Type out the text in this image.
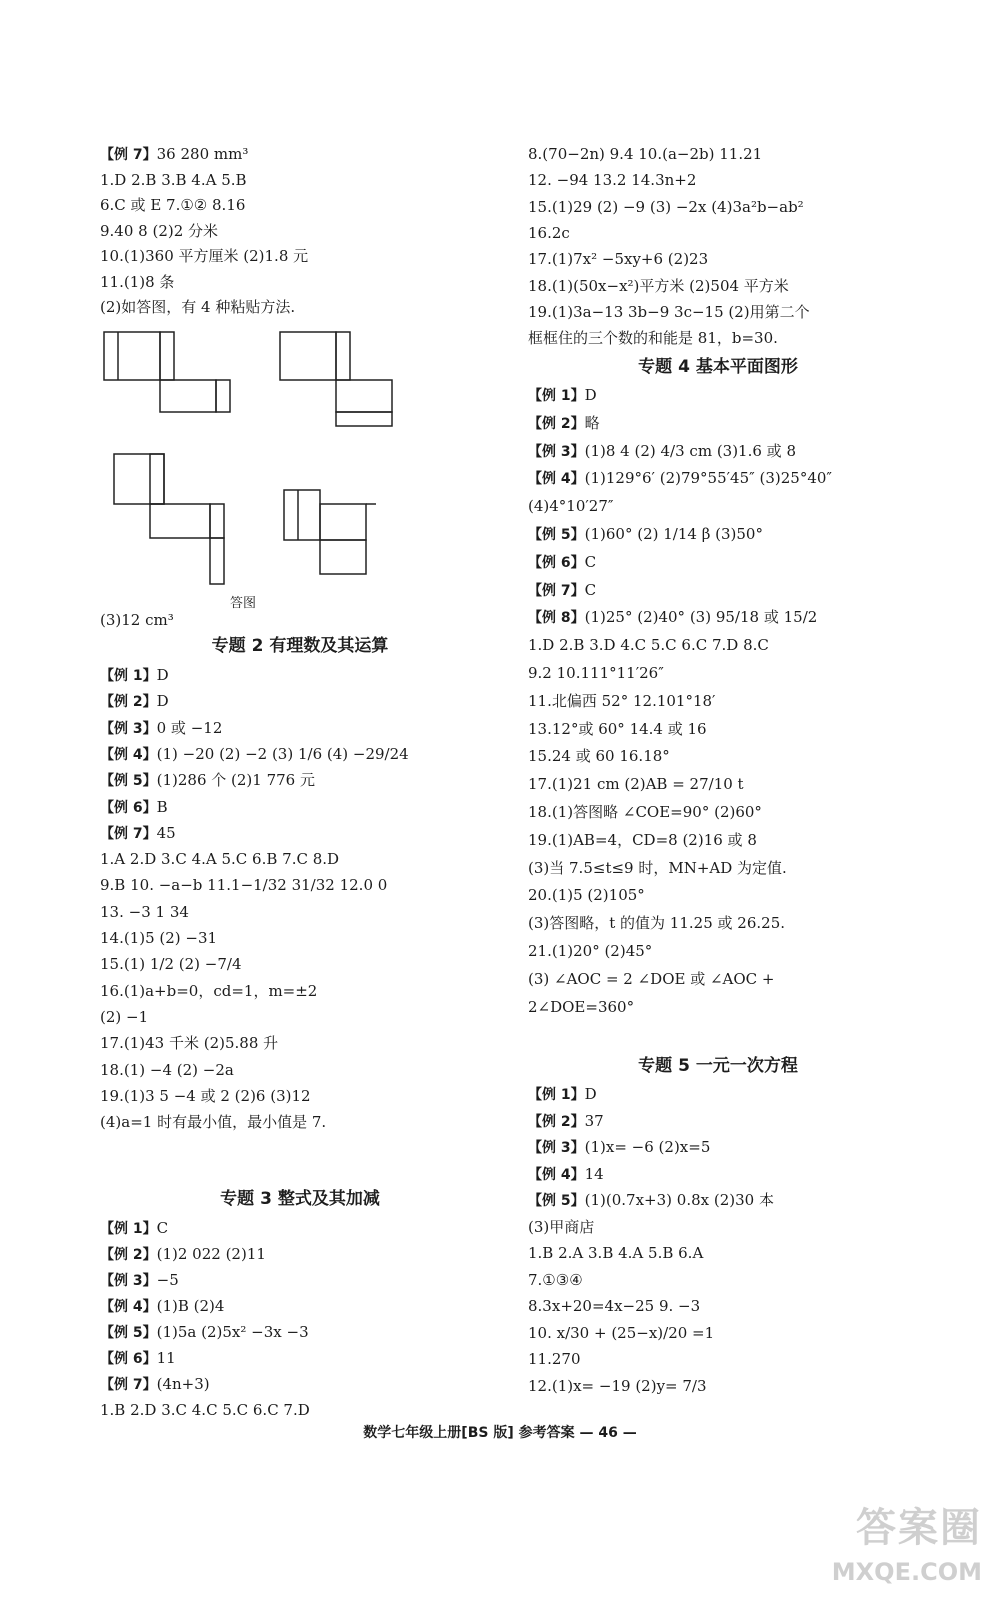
答图
【例 7】36 280 mm³
1.D 2.B 3.B 4.A 5.B
6.C 或 E 7.①② 8.16
9.40 8 (2)2 分米
10.(1)360 平方厘米 (2)1.8 元
11.(1)8 条
(2)如答图，有 4 种粘贴方法.
(3)12 cm³
专题 2 有理数及其运算
【例 1】D
【例 2】D
【例 3】0 或 −12
【例 4】(1) −20 (2) −2 (3) 1/6 (4) −29/24
【例 5】(1)286 个 (2)1 776 元
【例 6】B
【例 7】45
1.A 2.D 3.C 4.A 5.C 6.B 7.C 8.D
9.B 10. −a−b 11.1−1/32 31/32 12.0 0
13. −3 1 34
14.(1)5 (2) −31
15.(1) 1/2 (2) −7/4
16.(1)a+b=0，cd=1，m=±2
(2) −1
17.(1)43 千米 (2)5.88 升
18.(1) −4 (2) −2a
19.(1)3 5 −4 或 2 (2)6 (3)12
(4)a=1 时有最小值，最小值是 7.
专题 3 整式及其加减
【例 1】C
【例 2】(1)2 022 (2)11
【例 3】−5
【例 4】(1)B (2)4
【例 5】(1)5a (2)5x² −3x −3
【例 6】11
【例 7】(4n+3)
1.B 2.D 3.C 4.C 5.C 6.C 7.D
8.(70−2n) 9.4 10.(a−2b) 11.21
12. −94 13.2 14.3n+2
15.(1)29 (2) −9 (3) −2x (4)3a²b−ab²
16.2c
17.(1)7x² −5xy+6 (2)23
18.(1)(50x−x²)平方米 (2)504 平方米
19.(1)3a−13 3b−9 3c−15 (2)用第二个
框框住的三个数的和能是 81，b=30.
专题 4 基本平面图形
【例 1】D
【例 2】略
【例 3】(1)8 4 (2) 4/3 cm (3)1.6 或 8
【例 4】(1)129°6′ (2)79°55′45″ (3)25°40″
(4)4°10′27″
【例 5】(1)60° (2) 1/14 β (3)50°
【例 6】C
【例 7】C
【例 8】(1)25° (2)40° (3) 95/18 或 15/2
1.D 2.B 3.D 4.C 5.C 6.C 7.D 8.C
9.2 10.111°11′26″
11.北偏西 52° 12.101°18′
13.12°或 60° 14.4 或 16
15.24 或 60 16.18°
17.(1)21 cm (2)AB = 27/10 t
18.(1)答图略 ∠COE=90° (2)60°
19.(1)AB=4，CD=8 (2)16 或 8
(3)当 7.5≤t≤9 时，MN+AD 为定值.
20.(1)5 (2)105°
(3)答图略，t 的值为 11.25 或 26.25.
21.(1)20° (2)45°
(3) ∠AOC = 2 ∠DOE 或 ∠AOC +
2∠DOE=360°
专题 5 一元一次方程
【例 1】D
【例 2】37
【例 3】(1)x= −6 (2)x=5
【例 4】14
【例 5】(1)(0.7x+3) 0.8x (2)30 本
(3)甲商店
1.B 2.A 3.B 4.A 5.B 6.A
7.①③④
8.3x+20=4x−25 9. −3
10. x/30 + (25−x)/20 =1
11.270
12.(1)x= −19 (2)y= 7/3
数学七年级上册[BS 版] 参考答案 — 46 —
答案圈
MXQE.COM
